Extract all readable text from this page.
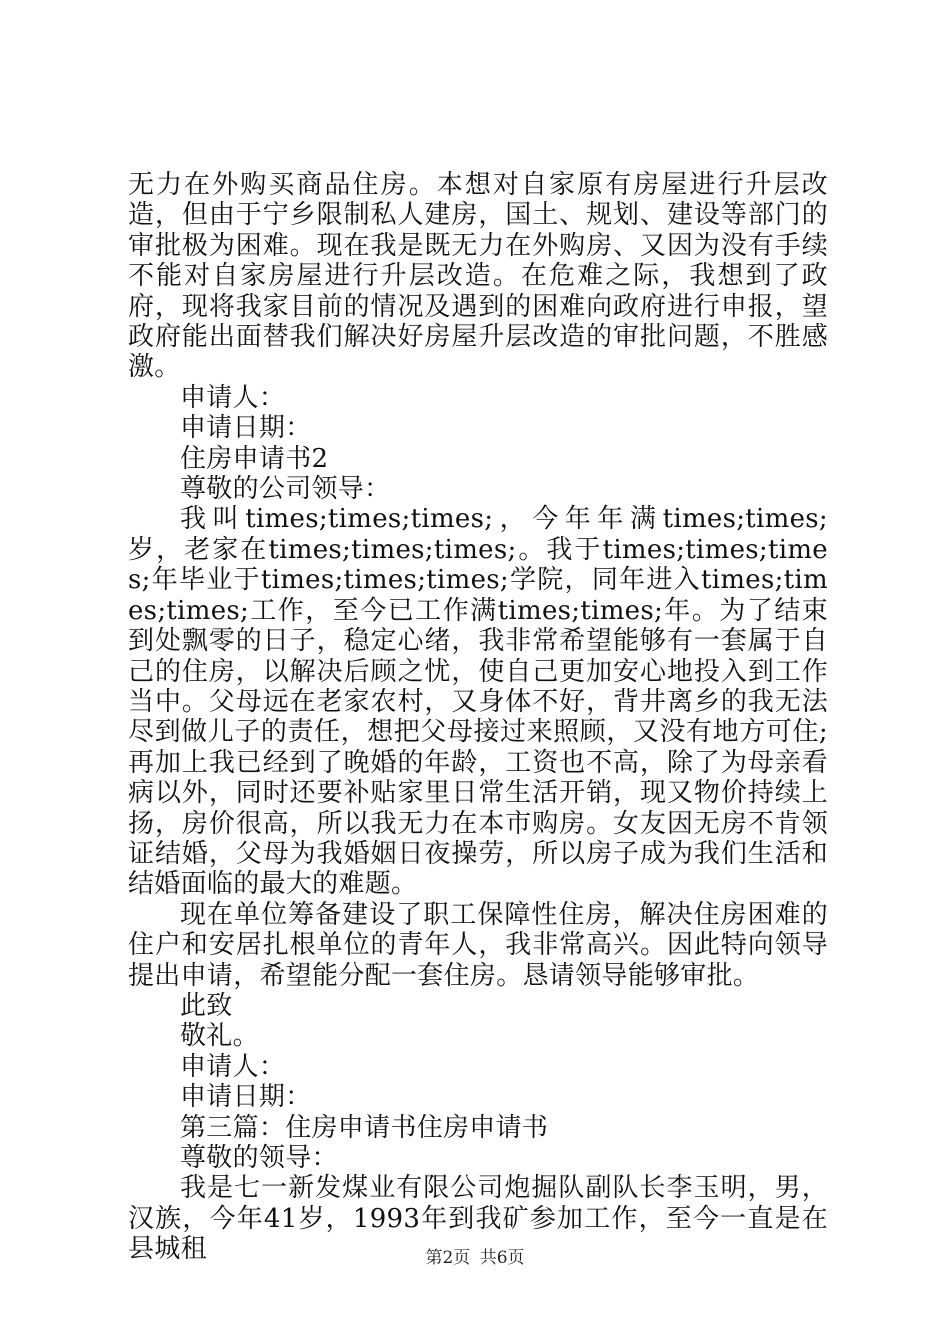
无力在外购买商品住房。本想对自家原有房屋进行升层改造，但由于宁乡限制私人建房，国土、规划、建设等部门的审批极为困难。现在我是既无力在外购房、又因为没有手续不能对自家房屋进行升层改造。在危难之际，我想到了政府，现将我家目前的情况及遇到的困难向政府进行申报，望政府能出面替我们解决好房屋升层改造的审批问题，不胜感激。

申请人：

申请日期：

住房申请书2

尊敬的公司领导：

我叫times;times;times;，今年年满times;times;岁，老家在times;times;times;。我于times;times;times;年毕业于times;times;times;学院，同年进入times;times;times;工作，至今已工作满times;times;年。为了结束到处飘零的日子，稳定心绪，我非常希望能够有一套属于自己的住房，以解决后顾之忧，使自己更加安心地投入到工作当中。父母远在老家农村，又身体不好，背井离乡的我无法尽到做儿子的责任，想把父母接过来照顾，又没有地方可住;再加上我已经到了晚婚的年龄，工资也不高，除了为母亲看病以外，同时还要补贴家里日常生活开销，现又物价持续上扬，房价很高，所以我无力在本市购房。女友因无房不肯领证结婚，父母为我婚姻日夜操劳，所以房子成为我们生活和结婚面临的最大的难题。

现在单位筹备建设了职工保障性住房，解决住房困难的住户和安居扎根单位的青年人，我非常高兴。因此特向领导提出申请，希望能分配一套住房。恳请领导能够审批。

此致

敬礼。

申请人：

申请日期：

第三篇：住房申请书住房申请书

尊敬的领导：

我是七一新发煤业有限公司炮掘队副队长李玉明，男，汉族，今年41岁，1993年到我矿参加工作，至今一直是在县城租	第2页 共6页
